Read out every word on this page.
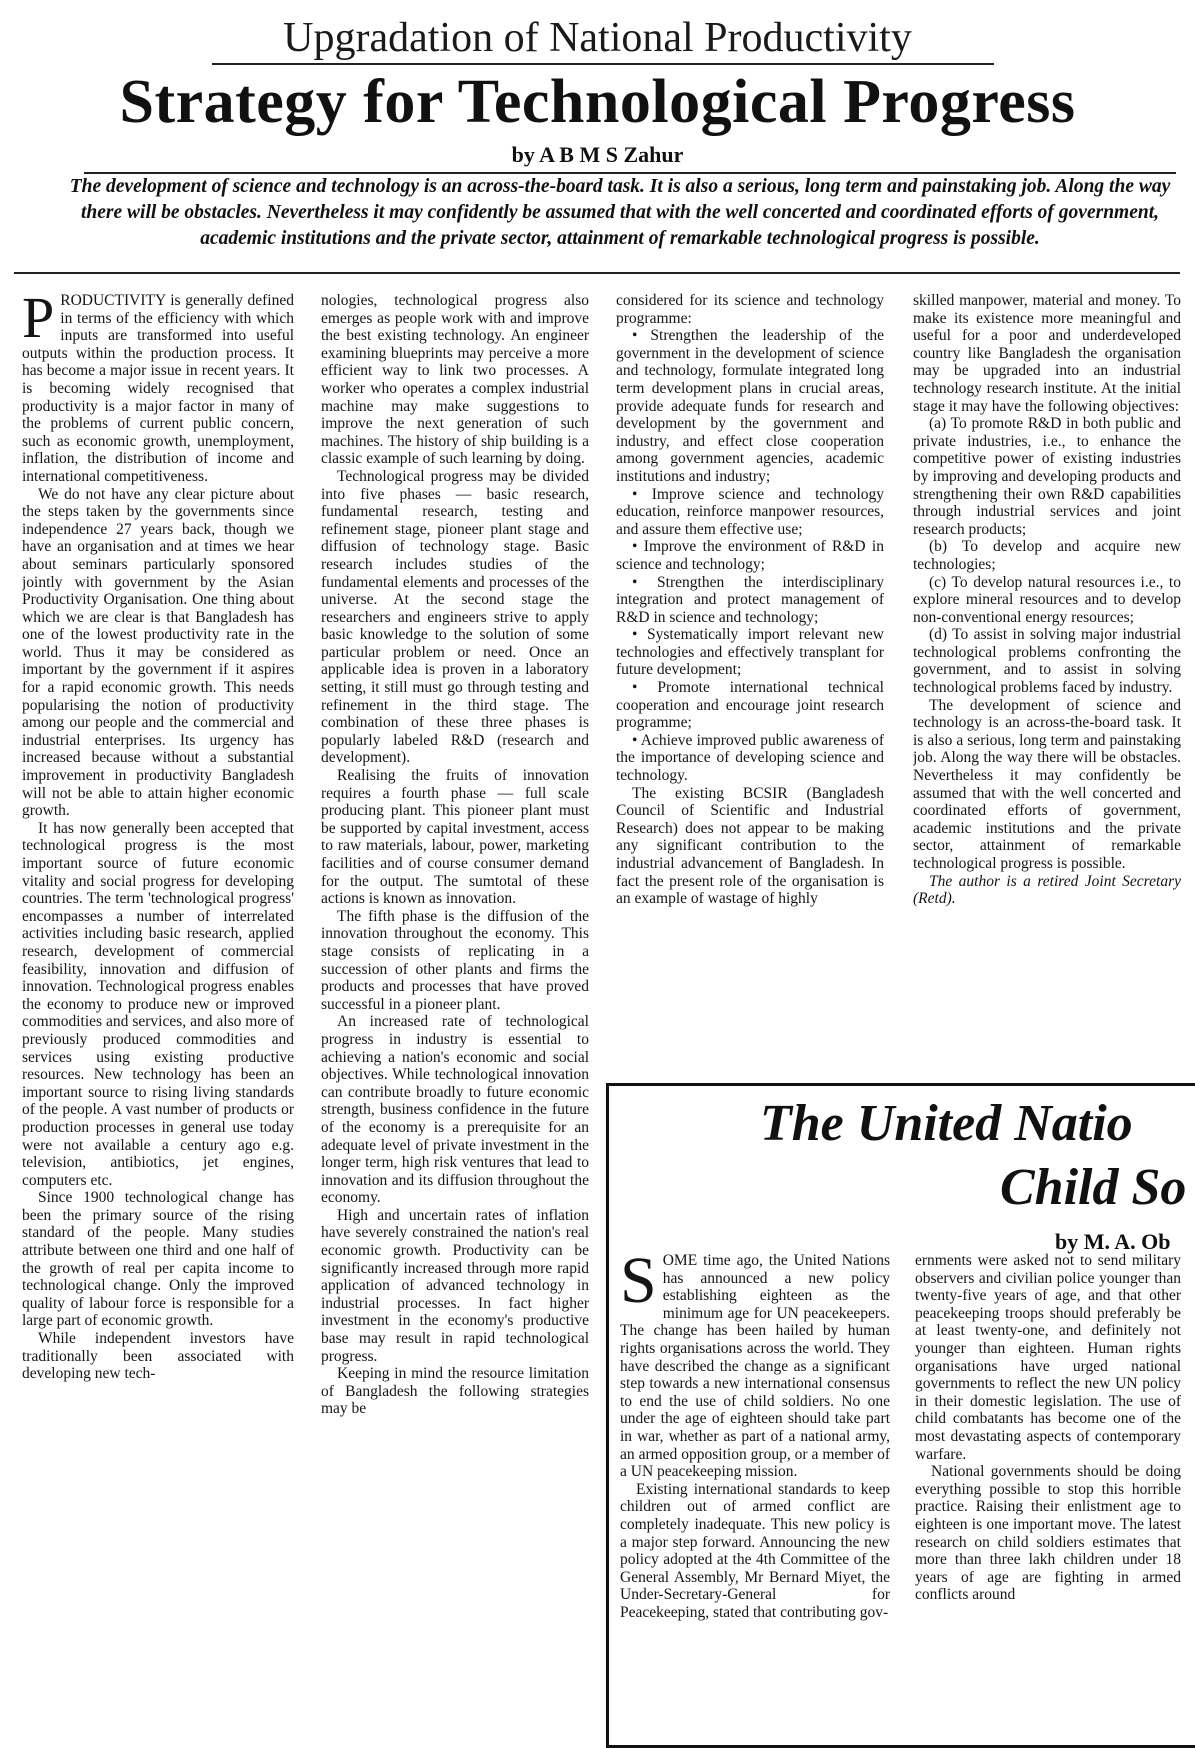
Upgradation of National Productivity
Strategy for Technological Progress
by A B M S Zahur
The development of science and technology is an across-the-board task. It is also a serious, long term and painstaking job. Along the way there will be obstacles. Nevertheless it may confidently be assumed that with the well concerted and coordinated efforts of government, academic institutions and the private sector, attainment of remarkable technological progress is possible.

PRODUCTIVITY is generally defined in terms of the efficiency with which inputs are transformed into useful outputs within the production process. It has become a major issue in recent years. It is becoming widely recognised that productivity is a major factor in many of the problems of current public concern, such as economic growth, unemployment, inflation, the distribution of income and international competitiveness.

We do not have any clear picture about the steps taken by the governments since independence 27 years back, though we have an organisation and at times we hear about seminars particularly sponsored jointly with government by the Asian Productivity Organisation. One thing about which we are clear is that Bangladesh has one of the lowest productivity rate in the world. Thus it may be considered as important by the government if it aspires for a rapid economic growth. This needs popularising the notion of productivity among our people and the commercial and industrial enterprises. Its urgency has increased because without a substantial improvement in productivity Bangladesh will not be able to attain higher economic growth.

It has now generally been accepted that technological progress is the most important source of future economic vitality and social progress for developing countries. The term 'technological progress' encompasses a number of interrelated activities including basic research, applied research, development of commercial feasibility, innovation and diffusion of innovation. Technological progress enables the economy to produce new or improved commodities and services, and also more of previously produced commodities and services using existing productive resources. New technology has been an important source to rising living standards of the people. A vast number of products or production processes in general use today were not available a century ago e.g. television, antibiotics, jet engines, computers etc.

Since 1900 technological change has been the primary source of the rising standard of the people. Many studies attribute between one third and one half of the growth of real per capita income to technological change. Only the improved quality of labour force is responsible for a large part of economic growth.

While independent investors have traditionally been associated with developing new tech-

nologies, technological progress also emerges as people work with and improve the best existing technology. An engineer examining blueprints may perceive a more efficient way to link two processes. A worker who operates a complex industrial machine may make suggestions to improve the next generation of such machines. The history of ship building is a classic example of such learning by doing.

Technological progress may be divided into five phases — basic research, fundamental research, testing and refinement stage, pioneer plant stage and diffusion of technology stage. Basic research includes studies of the fundamental elements and processes of the universe. At the second stage the researchers and engineers strive to apply basic knowledge to the solution of some particular problem or need. Once an applicable idea is proven in a laboratory setting, it still must go through testing and refinement in the third stage. The combination of these three phases is popularly labeled R&D (research and development).

Realising the fruits of innovation requires a fourth phase — full scale producing plant. This pioneer plant must be supported by capital investment, access to raw materials, labour, power, marketing facilities and of course consumer demand for the output. The sumtotal of these actions is known as innovation.

The fifth phase is the diffusion of the innovation throughout the economy. This stage consists of replicating in a succession of other plants and firms the products and processes that have proved successful in a pioneer plant.

An increased rate of technological progress in industry is essential to achieving a nation's economic and social objectives. While technological innovation can contribute broadly to future economic strength, business confidence in the future of the economy is a prerequisite for an adequate level of private investment in the longer term, high risk ventures that lead to innovation and its diffusion throughout the economy.

High and uncertain rates of inflation have severely constrained the nation's real economic growth. Productivity can be significantly increased through more rapid application of advanced technology in industrial processes. In fact higher investment in the economy's productive base may result in rapid technological progress.

Keeping in mind the resource limitation of Bangladesh the following strategies may be

considered for its science and technology programme:

• Strengthen the leadership of the government in the development of science and technology, formulate integrated long term development plans in crucial areas, provide adequate funds for research and development by the government and industry, and effect close cooperation among government agencies, academic institutions and industry;

• Improve science and technology education, reinforce manpower resources, and assure them effective use;

• Improve the environment of R&D in science and technology;

• Strengthen the interdisciplinary integration and protect management of R&D in science and technology;

• Systematically import relevant new technologies and effectively transplant for future development;

• Promote international technical cooperation and encourage joint research programme;

• Achieve improved public awareness of the importance of developing science and technology.

The existing BCSIR (Bangladesh Council of Scientific and Industrial Research) does not appear to be making any significant contribution to the industrial advancement of Bangladesh. In fact the present role of the organisation is an example of wastage of highly

skilled manpower, material and money. To make its existence more meaningful and useful for a poor and underdeveloped country like Bangladesh the organisation may be upgraded into an industrial technology research institute. At the initial stage it may have the following objectives:

(a) To promote R&D in both public and private industries, i.e., to enhance the competitive power of existing industries by improving and developing products and strengthening their own R&D capabilities through industrial services and joint research products;

(b) To develop and acquire new technologies;

(c) To develop natural resources i.e., to explore mineral resources and to develop non-conventional energy resources;

(d) To assist in solving major industrial technological problems confronting the government, and to assist in solving technological problems faced by industry.

The development of science and technology is an across-the-board task. It is also a serious, long term and painstaking job. Along the way there will be obstacles. Nevertheless it may confidently be assumed that with the well concerted and coordinated efforts of government, academic institutions and the private sector, attainment of remarkable technological progress is possible.

The author is a retired Joint Secretary (Retd).

The United Natio
Child So
by M. A. Ob

SOME time ago, the United Nations has announced a new policy establishing eighteen as the minimum age for UN peacekeepers. The change has been hailed by human rights organisations across the world. They have described the change as a significant step towards a new international consensus to end the use of child soldiers. No one under the age of eighteen should take part in war, whether as part of a national army, an armed opposition group, or a member of a UN peacekeeping mission.

Existing international standards to keep children out of armed conflict are completely inadequate. This new policy is a major step forward. Announcing the new policy adopted at the 4th Committee of the General Assembly, Mr Bernard Miyet, the Under-Secretary-General for Peacekeeping, stated that contributing gov-

ernments were asked not to send military observers and civilian police younger than twenty-five years of age, and that other peacekeeping troops should preferably be at least twenty-one, and definitely not younger than eighteen. Human rights organisations have urged national governments to reflect the new UN policy in their domestic legislation. The use of child combatants has become one of the most devastating aspects of contemporary warfare.

National governments should be doing everything possible to stop this horrible practice. Raising their enlistment age to eighteen is one important move. The latest research on child soldiers estimates that more than three lakh children under 18 years of age are fighting in armed conflicts around
